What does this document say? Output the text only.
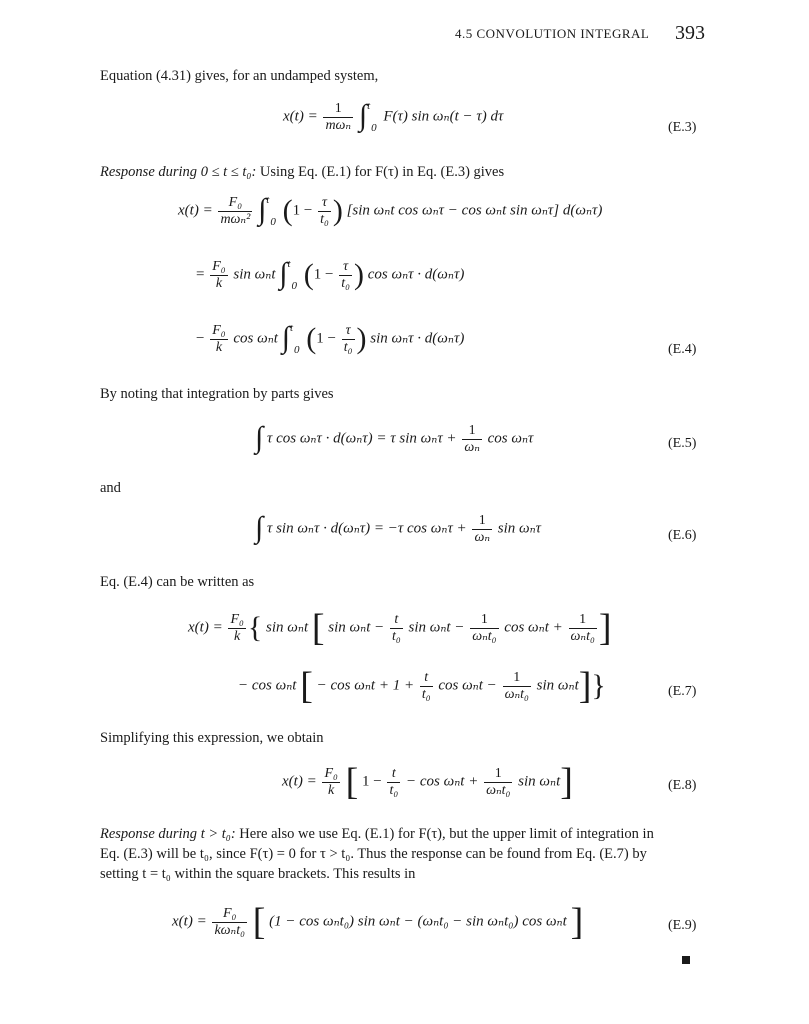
4.5 CONVOLUTION INTEGRAL 393
Equation (4.31) gives, for an undamped system,
$x(t) = \frac{1}{\text{mωₙ}} \int^t0$ F(τ) sin ωₙ(t − τ) dτ
(E.3)
Response during 0 ≤ t ≤ t₀: Using Eq. (E.1) for F(τ) in Eq. (E.3) gives
$x(t) = \frac{\text{F₀}}{\text{mωₙ²}} \int^t0$ ($1 - \frac{\tau}{\text{t₀}}$ ) [sin ωₙt cos ωₙτ − cos ωₙt sin ωₙτ] d(ωₙτ)
= $\frac{\text{F₀}}{k}$ sin ωₙt ∫$^t$0 ($1 - \frac{\tau}{\text{t₀}}$ ) cos ωₙτ · d(ωₙτ)
− $\frac{\text{F₀}}{k}$ cos ωₙt ∫$^t$0 ($1 - \frac{\tau}{\text{t₀}}$ ) sin ωₙτ · d(ωₙτ)
(E.4)
By noting that integration by parts gives
∫ τ cos ωₙτ · d(ωₙτ) = τ $\sin \omega_n\tau + \frac{1}{\text{ωₙ}}$ cos ωₙτ	(E.5)
and
∫ τ sin ωₙτ · d(ωₙτ) = −τ $\cos \omega_n\tau + \frac{1}{\text{ωₙ}}$ sin ωₙτ	(E.6)
Eq. (E.4) can be written as
$x(t) = \frac{\text{F₀}}{k}$ { sin ωₙt [ $\sin \omega_nt - \frac{t}{\text{t₀}}$ $\sin \omega_nt - \frac{1}{\text{ωₙt₀}}$ $\cos \omega_nt + \frac{1}{\text{ωₙt₀}}$ ]
− cos ωₙt [ − $\cos \omega_nt + 1 + \frac{t}{\text{t₀}}$ $\cos \omega_nt - \frac{1}{\text{ωₙt₀}}$ sin ωₙt]}	(E.7)
Simplifying this expression, we obtain
$x(t) = \frac{\text{F₀}}{k}$ [ $1 - \frac{t}{\text{t₀}} - \cos \omega_nt + \frac{1}{\text{ωₙt₀}}$ sin ωₙt]	(E.8)
Response during t > t₀: Here also we use Eq. (E.1) for F(τ), but the upper limit of integration in
Eq. (E.3) will be t₀, since F(τ) = 0 for τ > t₀. Thus the response can be found from Eq. (E.7) by
setting t = t₀ within the square brackets. This results in
$x(t) = \frac{\text{F₀}}{\text{kωₙt₀}}$ [ (1 − cos ωₙt₀) sin ωₙt − (ωₙt₀ − sin ωₙt₀) cos ωₙt ]	(E.9)
